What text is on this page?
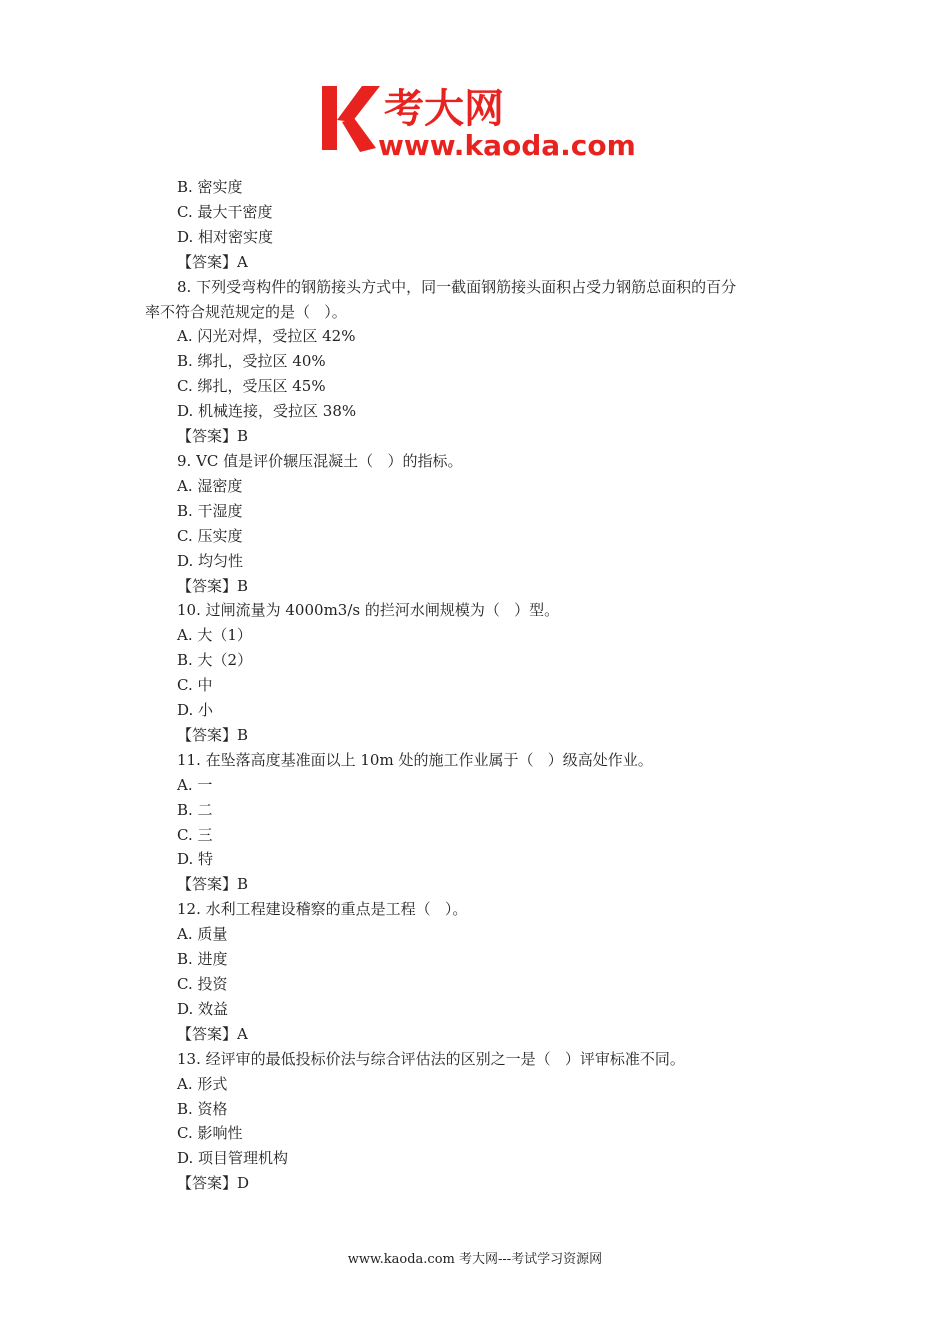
考大网
www.kaoda.com
B. 密实度
C. 最大干密度
D. 相对密实度
【答案】A
8. 下列受弯构件的钢筋接头方式中，同一截面钢筋接头面积占受力钢筋总面积的百分
率不符合规范规定的是（   ）。
A. 闪光对焊，受拉区 42%
B. 绑扎，受拉区 40%
C. 绑扎，受压区 45%
D. 机械连接，受拉区 38%
【答案】B
9. VC 值是评价辗压混凝土（   ）的指标。
A. 湿密度
B. 干湿度
C. 压实度
D. 均匀性
【答案】B
10. 过闸流量为 4000m3/s 的拦河水闸规模为（   ）型。
A. 大（1）
B. 大（2）
C. 中
D. 小
【答案】B
11. 在坠落高度基准面以上 10m 处的施工作业属于（   ）级高处作业。
A. 一
B. 二
C. 三
D. 特
【答案】B
12. 水利工程建设稽察的重点是工程（   ）。
A. 质量
B. 进度
C. 投资
D. 效益
【答案】A
13. 经评审的最低投标价法与综合评估法的区别之一是（   ）评审标准不同。
A. 形式
B. 资格
C. 影响性
D. 项目管理机构
【答案】D
www.kaoda.com 考大网---考试学习资源网
